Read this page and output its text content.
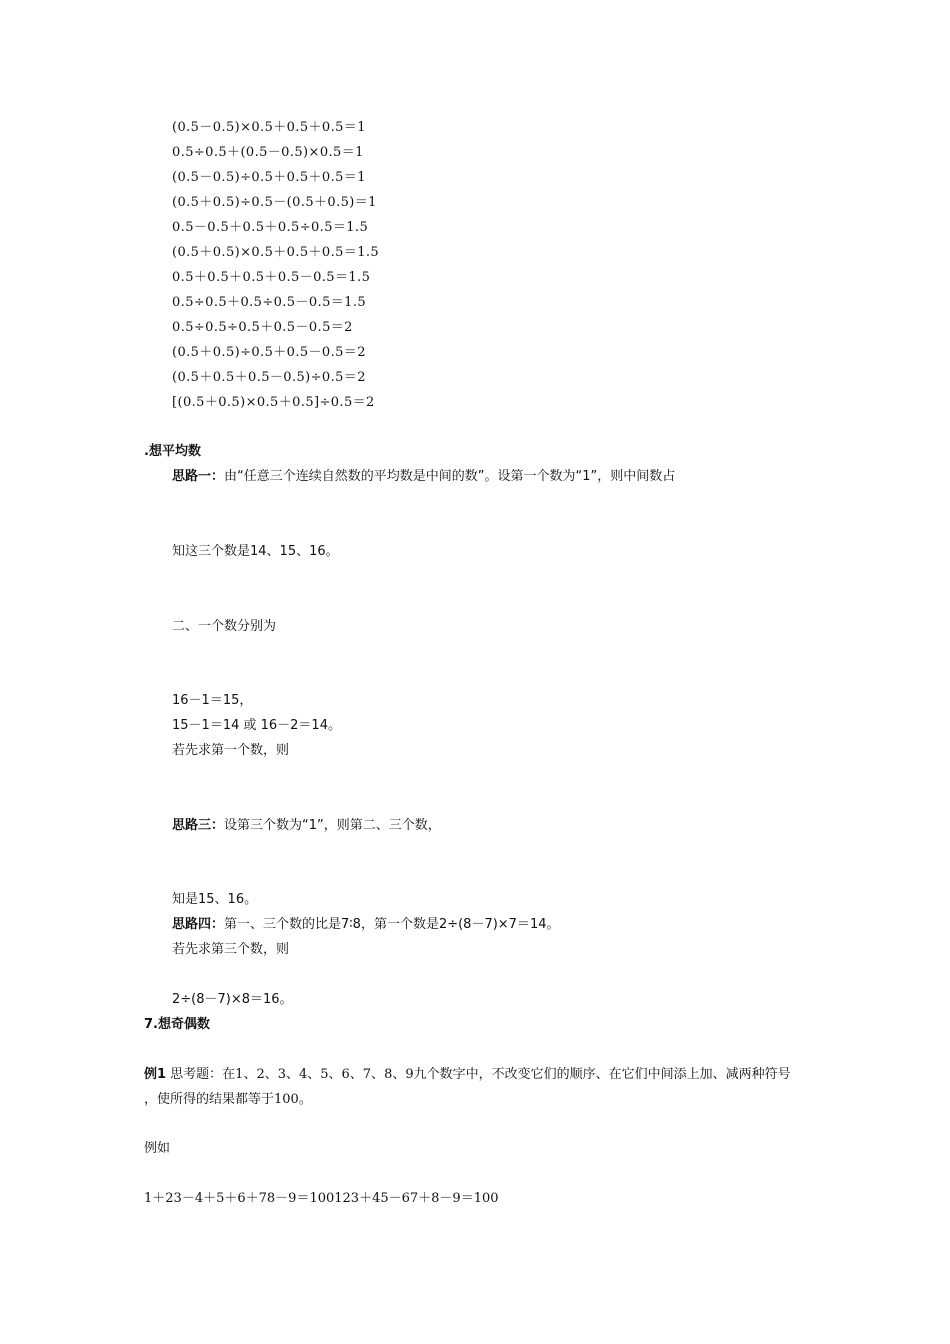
(0.5－0.5)×0.5＋0.5＋0.5＝1
0.5÷0.5＋(0.5－0.5)×0.5＝1
(0.5－0.5)÷0.5＋0.5＋0.5＝1
(0.5＋0.5)÷0.5－(0.5＋0.5)＝1
0.5－0.5＋0.5＋0.5÷0.5＝1.5
(0.5＋0.5)×0.5＋0.5＋0.5＝1.5
0.5＋0.5＋0.5＋0.5－0.5＝1.5
0.5÷0.5＋0.5÷0.5－0.5＝1.5
0.5÷0.5÷0.5＋0.5－0.5＝2
(0.5＋0.5)÷0.5＋0.5－0.5＝2
(0.5＋0.5＋0.5－0.5)÷0.5＝2
[(0.5＋0.5)×0.5＋0.5]÷0.5＝2
.想平均数
思路一：由“任意三个连续自然数的平均数是中间的数”。设第一个数为“1”，则中间数占
知这三个数是14、15、16。
二、一个数分别为
16－1＝15，
15－1＝14 或 16－2＝14。
若先求第一个数，则
思路三：设第三个数为“1”，则第二、三个数，
知是15、16。
思路四：第一、三个数的比是7∶8，第一个数是2÷(8－7)×7＝14。
若先求第三个数，则
2÷(8－7)×8＝16。
7.想奇偶数
例1 思考题：在1、2、3、4、5、6、7、8、9九个数字中，不改变它们的顺序、在它们中间添上加、减两种符号
，使所得的结果都等于100。
例如
1＋23－4＋5＋6＋78－9＝100123＋45－67＋8－9＝100
